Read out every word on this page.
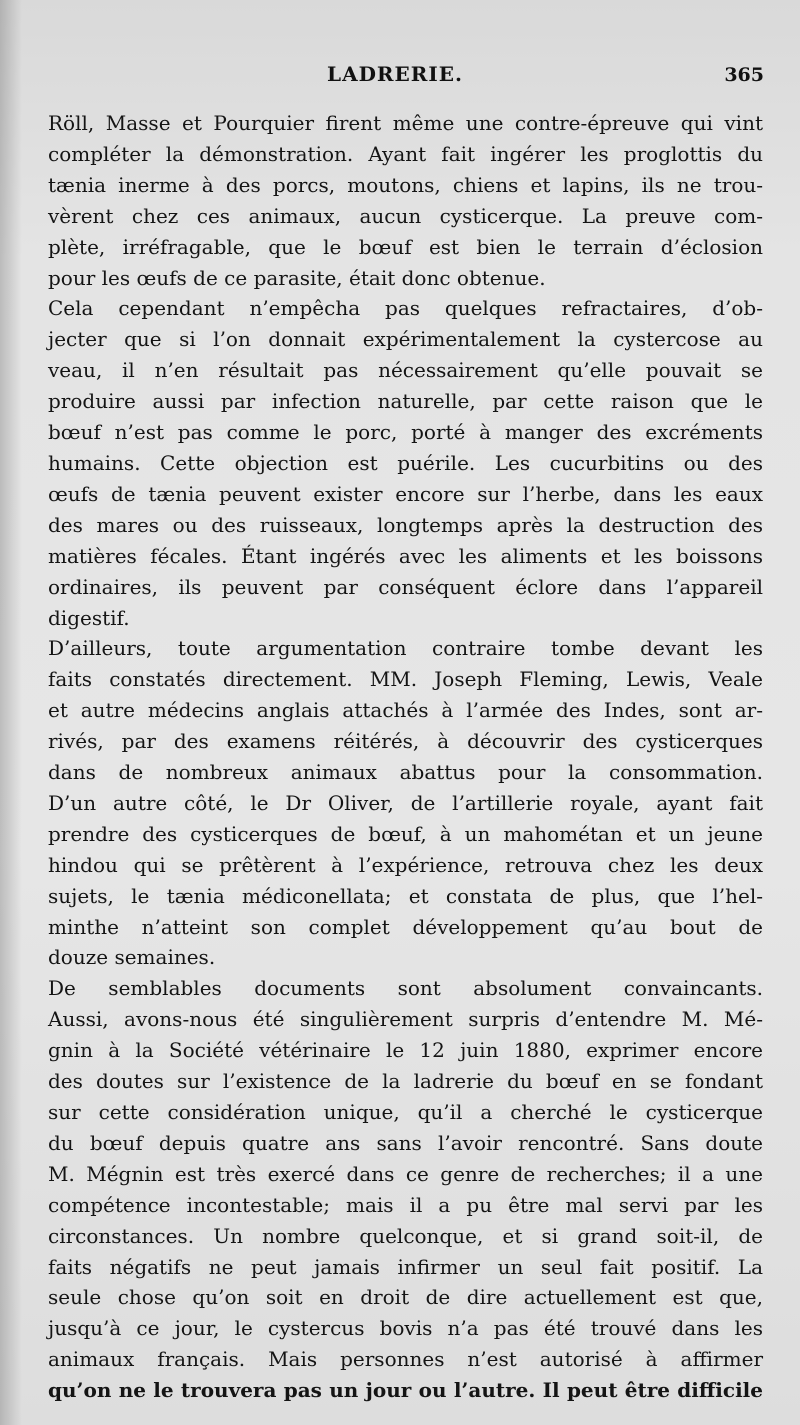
LADRERIE.	365
Röll, Masse et Pourquier firent même une contre-épreuve qui vint
compléter la démonstration. Ayant fait ingérer les proglottis du
tænia inerme à des porcs, moutons, chiens et lapins, ils ne trou-
vèrent chez ces animaux, aucun cysticerque. La preuve com-
plète, irréfragable, que le bœuf est bien le terrain d’éclosion
pour les œufs de ce parasite, était donc obtenue.
Cela cependant n’empêcha pas quelques refractaires, d’ob-
jecter que si l’on donnait expérimentalement la cystercose au
veau, il n’en résultait pas nécessairement qu’elle pouvait se
produire aussi par infection naturelle, par cette raison que le
bœuf n’est pas comme le porc, porté à manger des excréments
humains. Cette objection est puérile. Les cucurbitins ou des
œufs de tænia peuvent exister encore sur l’herbe, dans les eaux
des mares ou des ruisseaux, longtemps après la destruction des
matières fécales. Étant ingérés avec les aliments et les boissons
ordinaires, ils peuvent par conséquent éclore dans l’appareil
digestif.
D’ailleurs, toute argumentation contraire tombe devant les
faits constatés directement. MM. Joseph Fleming, Lewis, Veale
et autre médecins anglais attachés à l’armée des Indes, sont ar-
rivés, par des examens réitérés, à découvrir des cysticerques
dans de nombreux animaux abattus pour la consommation.
D’un autre côté, le Dr Oliver, de l’artillerie royale, ayant fait
prendre des cysticerques de bœuf, à un mahométan et un jeune
hindou qui se prêtèrent à l’expérience, retrouva chez les deux
sujets, le tænia médiconellata; et constata de plus, que l’hel-
minthe n’atteint son complet développement qu’au bout de
douze semaines.
De semblables documents sont absolument convaincants.
Aussi, avons-nous été singulièrement surpris d’entendre M. Mé-
gnin à la Société vétérinaire le 12 juin 1880, exprimer encore
des doutes sur l’existence de la ladrerie du bœuf en se fondant
sur cette considération unique, qu’il a cherché le cysticerque
du bœuf depuis quatre ans sans l’avoir rencontré. Sans doute
M. Mégnin est très exercé dans ce genre de recherches; il a une
compétence incontestable; mais il a pu être mal servi par les
circonstances. Un nombre quelconque, et si grand soit-il, de
faits négatifs ne peut jamais infirmer un seul fait positif. La
seule chose qu’on soit en droit de dire actuellement est que,
jusqu’à ce jour, le cystercus bovis n’a pas été trouvé dans les
animaux français. Mais personnes n’est autorisé à affirmer
qu’on ne le trouvera pas un jour ou l’autre. Il peut être difficile
